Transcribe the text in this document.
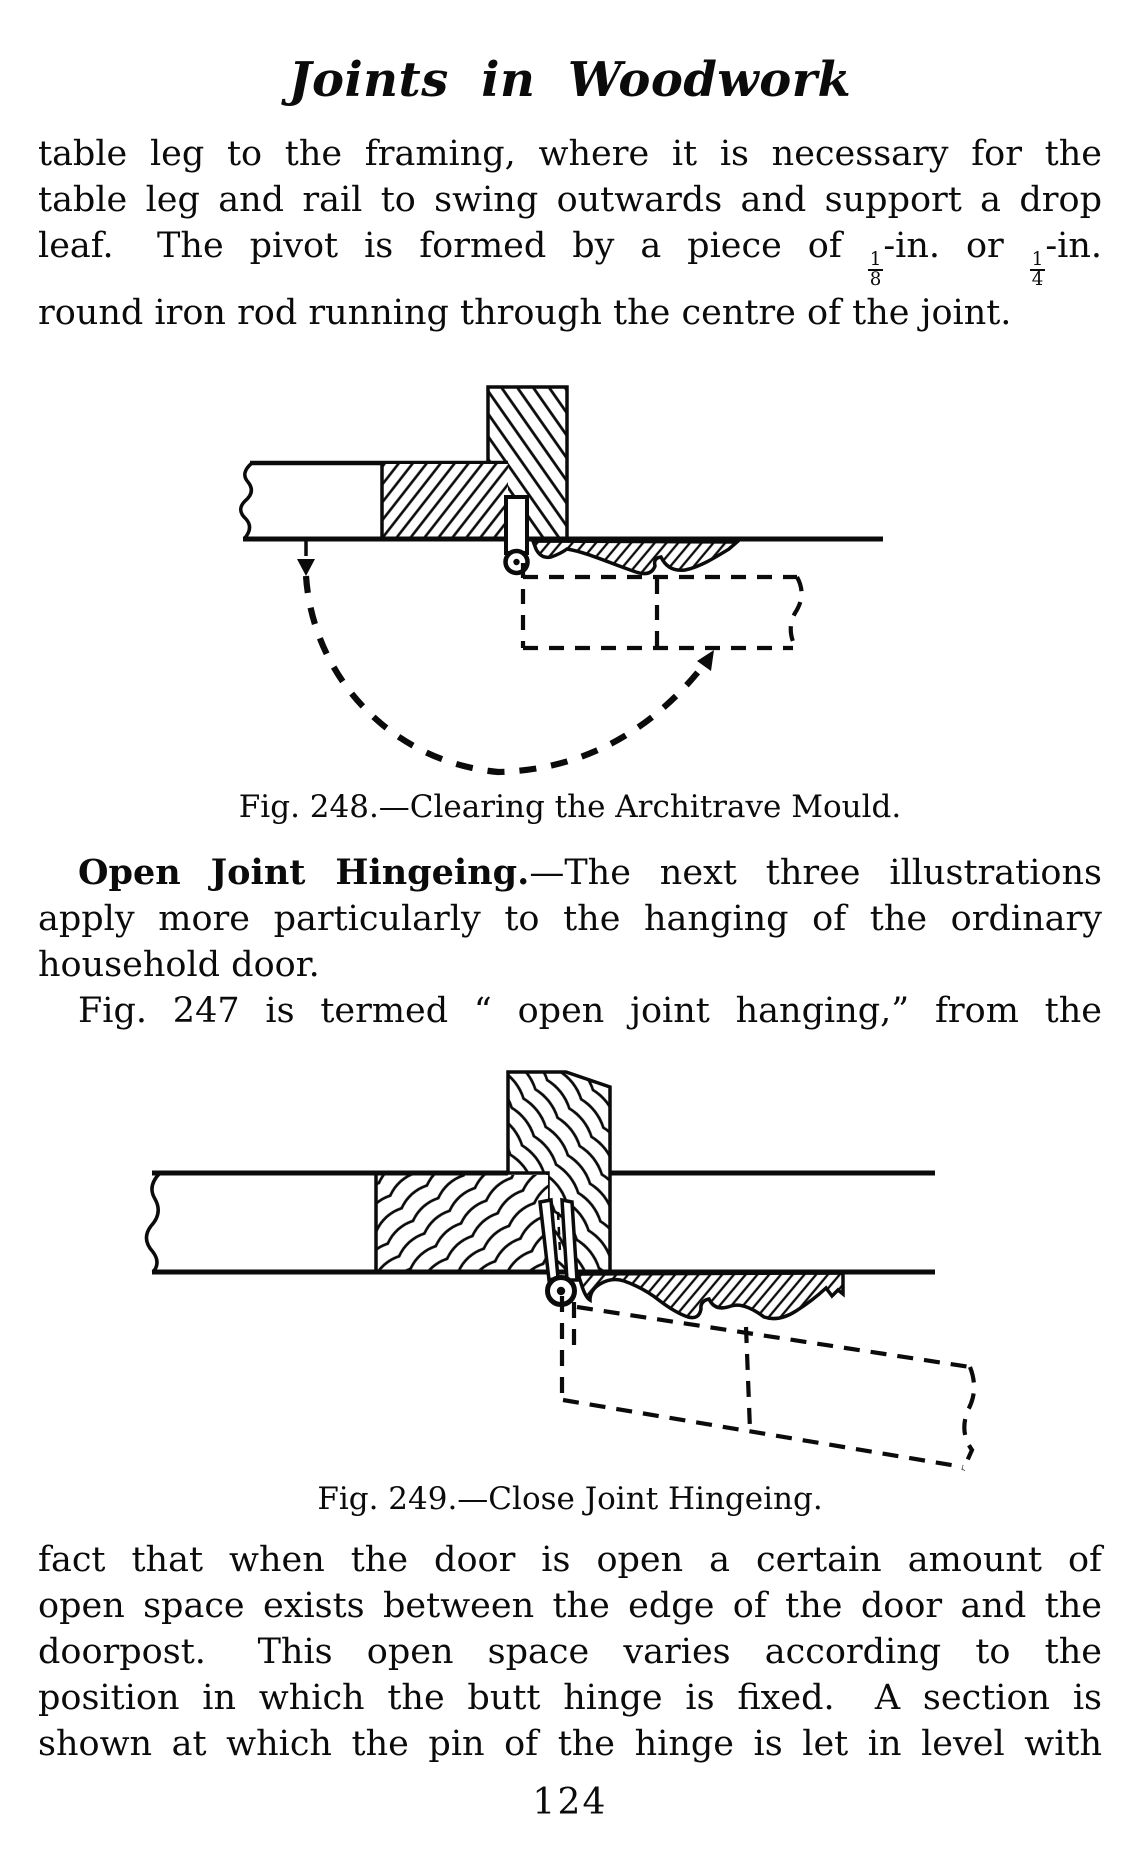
Joints in Woodwork
table leg to the framing, where it is necessary for the
table leg and rail to swing outwards and support a drop
leaf.  The pivot is formed by a piece of
$\frac{1}{8}$
-in. or
$\frac{1}{4}$
-in.
round iron rod running through the centre of the joint.
Fig. 248.—Clearing the Architrave Mould.
Open Joint Hingeing.—The next three illustrations
apply more particularly to the hanging of the ordinary
household door.
Fig. 247 is termed “ open joint hanging,” from the
Fig. 249.—Close Joint Hingeing.
fact that when the door is open a certain amount of
open space exists between the edge of the door and the
doorpost.  This open space varies according to the
position in which the butt hinge is fixed.  A section is
shown at which the pin of the hinge is let in level with
124
